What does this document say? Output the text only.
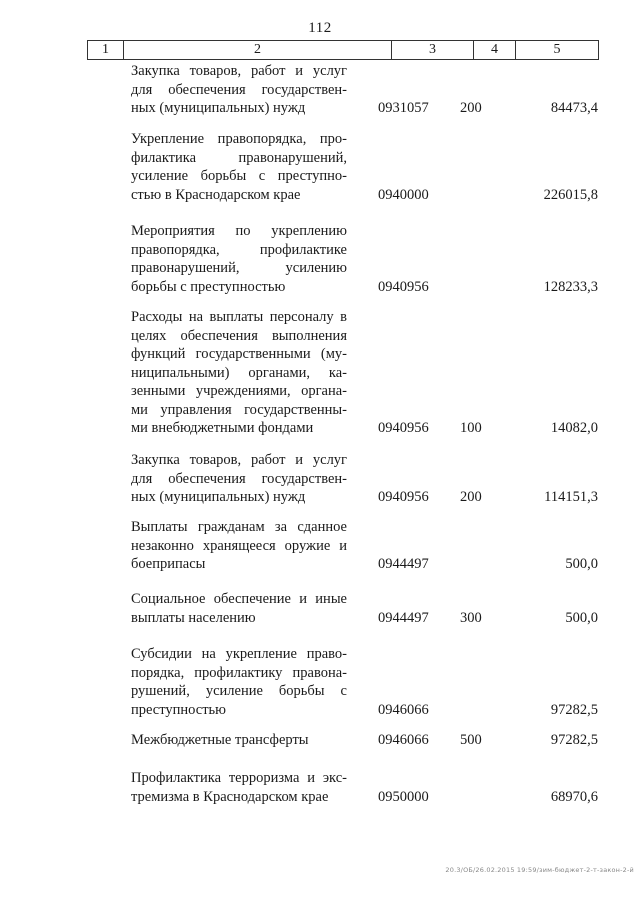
112
1	2	3	4	5
Закупка товаров, работ и услуг
для обеспечения государствен-
ных (муниципальных) нужд	0931057 200	84473,4
Укрепление правопорядка, про-
филактика правонарушений,
усиление борьбы с преступно-
стью в Краснодарском крае	0940000	226015,8
Мероприятия по укреплению
правопорядка, профилактике
правонарушений, усилению
борьбы с преступностью	0940956	128233,3
Расходы на выплаты персоналу в
целях обеспечения выполнения
функций государственными (му-
ниципальными) органами, ка-
зенными учреждениями, органа-
ми управления государственны-
ми внебюджетными фондами	0940956 100	14082,0
Закупка товаров, работ и услуг
для обеспечения государствен-
ных (муниципальных) нужд	0940956 200	114151,3
Выплаты гражданам за сданное
незаконно хранящееся оружие и
боеприпасы	0944497	500,0
Социальное обеспечение и иные
выплаты населению	0944497 300	500,0
Субсидии на укрепление право-
порядка, профилактику правона-
рушений, усиление борьбы с
преступностью	0946066	97282,5
Межбюджетные трансферты	0946066 500	97282,5
Профилактика терроризма и экс-
тремизма в Краснодарском крае	0950000	68970,6
20.3/ОБ/26.02.2015 19:59/зим-бюджет-2-т-закон-2-й
